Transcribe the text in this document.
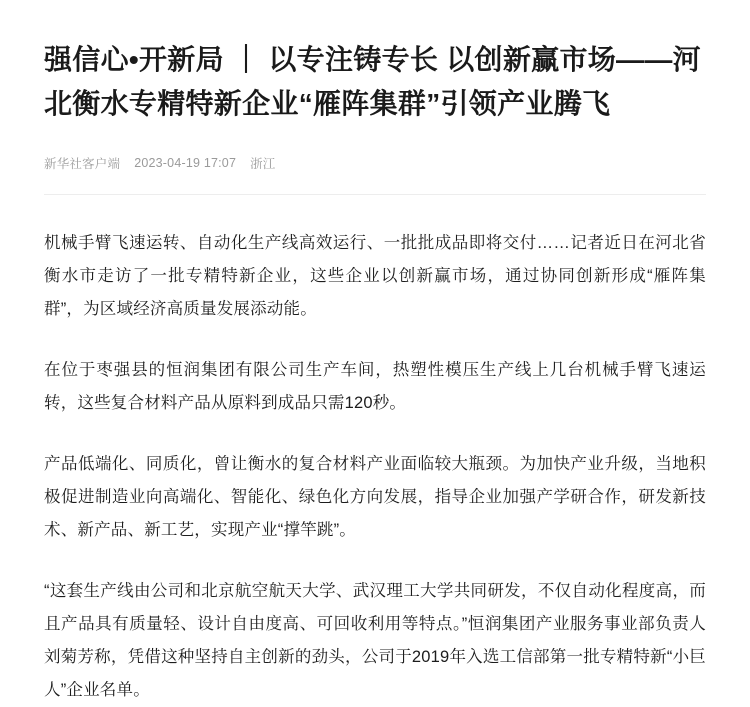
强信心•开新局 ｜ 以专注铸专长 以创新赢市场——河北衡水专精特新企业“雁阵集群”引领产业腾飞
新华社客户端 2023-04-19 17:07 浙江

机械手臂飞速运转、自动化生产线高效运行、一批批成品即将交付……记者近日在河北省衡水市走访了一批专精特新企业，这些企业以创新赢市场，通过协同创新形成“雁阵集群”，为区域经济高质量发展添动能。

在位于枣强县的恒润集团有限公司生产车间，热塑性模压生产线上几台机械手臂飞速运转，这些复合材料产品从原料到成品只需120秒。

产品低端化、同质化，曾让衡水的复合材料产业面临较大瓶颈。为加快产业升级，当地积极促进制造业向高端化、智能化、绿色化方向发展，指导企业加强产学研合作，研发新技术、新产品、新工艺，实现产业“撑竿跳”。

“这套生产线由公司和北京航空航天大学、武汉理工大学共同研发，不仅自动化程度高，而且产品具有质量轻、设计自由度高、可回收利用等特点。”恒润集团产业服务事业部负责人刘菊芳称，凭借这种坚持自主创新的劲头，公司于2019年入选工信部第一批专精特新“小巨人”企业名单。
